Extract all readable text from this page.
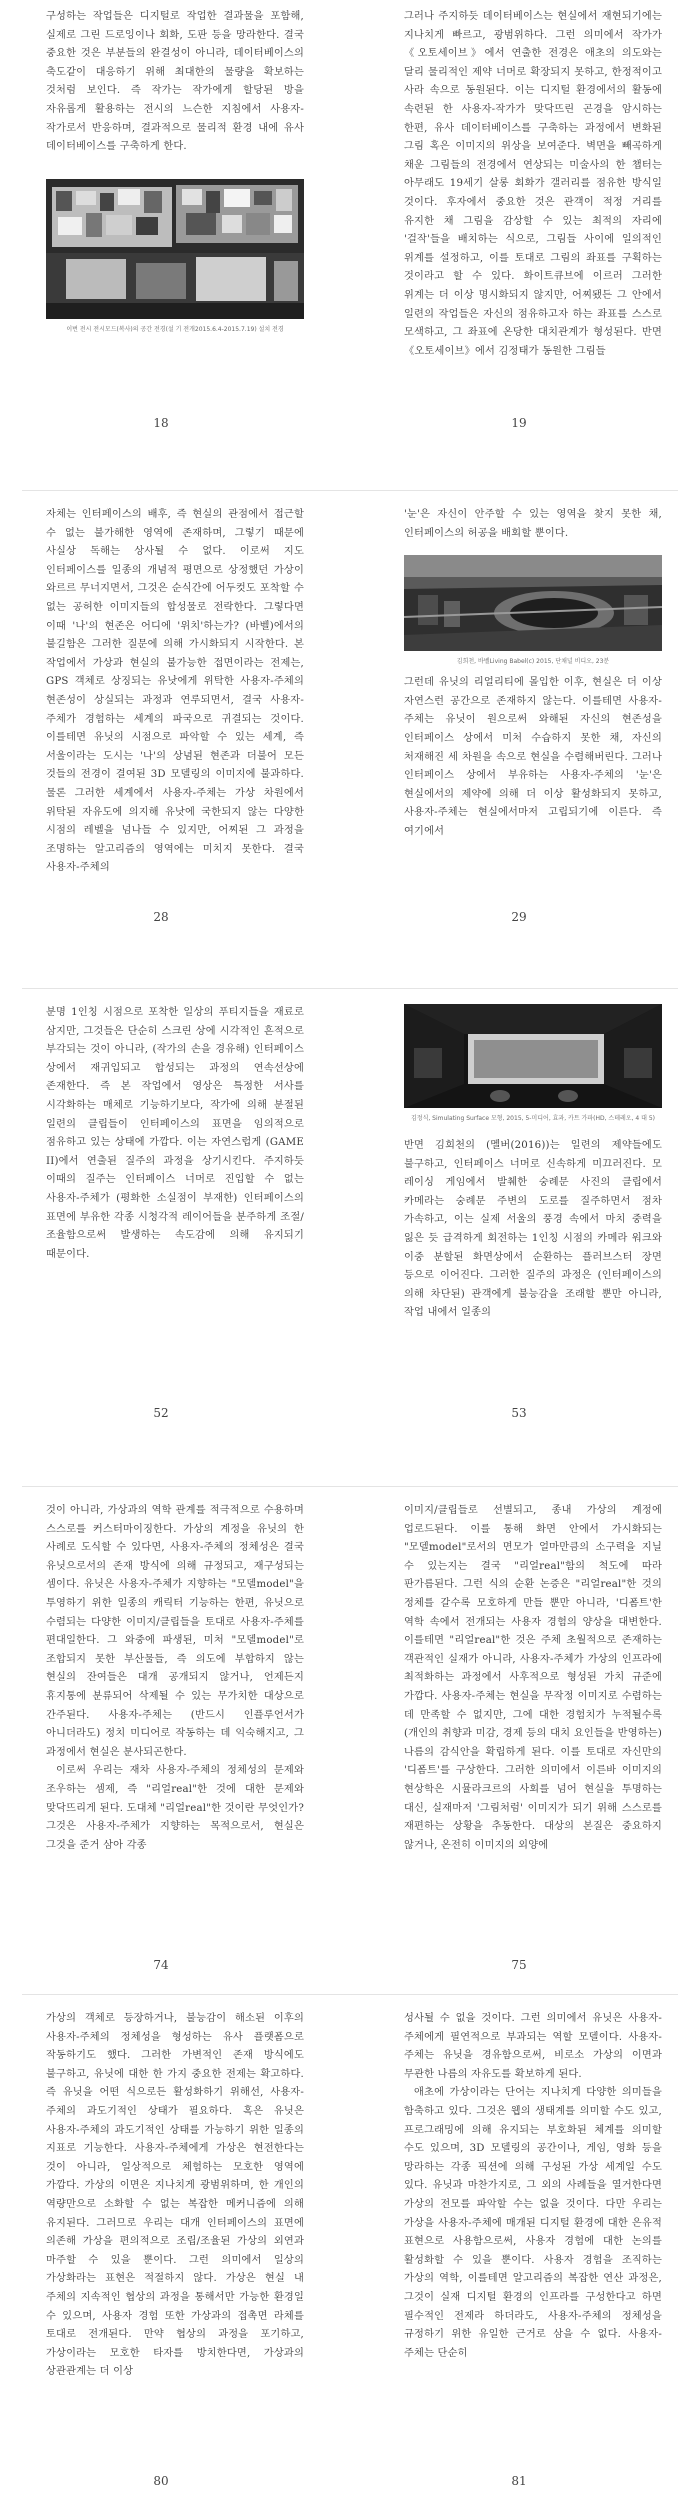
구성하는 작업들은 디지털로 작업한 결과물을 포함해, 실제로 그린 드로잉이나 회화, 도판 등을 망라한다. 결국 중요한 것은 부분들의 완결성이 아니라, 데이터베이스의 축도같이 대응하기 위해 최대한의 물량을 확보하는 것처럼 보인다. 즉 작가는 작가에게 할당된 방을 자유롭게 활용하는 전시의 느슨한 지침에서 사용자-작가로서 반응하며, 결과적으로 물리적 환경 내에 유사 데이터베이스를 구축하게 한다.

이번 전시 전시모드(복사)의 공간 전경(설 기 전개2015.6.4-2015.7.19) 설치 전경
18

그러나 주지하듯 데이터베이스는 현실에서 재현되기에는 지나치게 빠르고, 광범위하다. 그런 의미에서 작가가 《오토세이브》에서 연출한 전경은 애초의 의도와는 달리 물리적인 제약 너머로 확장되지 못하고, 한정적이고 사라 속으로 동원된다. 이는 디지털 환경에서의 활동에 속련된 한 사용자-작가가 맞닥뜨린 곤경을 암시하는 한편, 유사 데이터베이스를 구축하는 과정에서 변화된 그림 혹은 이미지의 위상을 보여준다. 벽면을 빼곡하게 채운 그림들의 전경에서 연상되는 미술사의 한 챕터는 아무래도 19세기 살롱 회화가 갤러리를 점유한 방식일 것이다. 후자에서 중요한 것은 관객이 적정 거리를 유지한 채 그림을 감상할 수 있는 최적의 자리에 '걸작'들을 배치하는 식으로, 그림들 사이에 일의적인 위계를 설정하고, 이를 토대로 그림의 좌표를 구획하는 것이라고 할 수 있다. 화이트큐브에 이르러 그러한 위계는 더 이상 명시화되지 않지만, 어찌됐든 그 안에서 일련의 작업들은 자신의 점유하고자 하는 좌표를 스스로 모색하고, 그 좌표에 온당한 대치관계가 형성된다. 반면 《오토세이브》에서 김정태가 동원한 그림들

19

자체는 인터페이스의 배후, 즉 현실의 관점에서 접근할 수 없는 불가해한 영역에 존재하며, 그렇기 때문에 사실상 독해는 상사될 수 없다. 이로써 지도 인터페이스를 일종의 개념적 평면으로 상정했던 가상이 와르르 무너지면서, 그것은 순식간에 어두컷도 포착할 수 없는 공허한 이미지들의 합성물로 전락한다. 그렇다면 이때 '나'의 현존은 어디에 '위치'하는가? (바벨)에서의 불길함은 그러한 질문에 의해 가시화되지 시작한다. 본 작업에서 가상과 현실의 불가능한 접면이라는 전제는, GPS 객체로 상징되는 유낫에게 위탁한 사용자-주체의 현존성이 상실되는 과정과 연루되면서, 결국 사용자-주체가 경험하는 세계의 파국으로 귀결되는 것이다. 이를테면 유닛의 시점으로 파악할 수 있는 세계, 즉 서울이라는 도시는 '나'의 상념된 현존과 더불어 모든 것들의 전경이 결여된 3D 모델링의 이미지에 불과하다. 물론 그러한 세계에서 사용자-주체는 가상 차원에서 위탁된 자유도에 의지해 유낫에 국한되지 않는 다양한 시점의 레벨을 넘나들 수 있지만, 어찌된 그 과정을 조명하는 알고리즘의 영역에는 미치지 못한다. 결국 사용자-주체의

28

'눈'은 자신이 안주할 수 있는 영역을 찾지 못한 채, 인터페이스의 허공을 배회할 뿐이다.

김희천, 바벨Living Babel(c) 2015, 단채널 비디오, 23분

그런데 유닛의 리얼리티에 몰입한 이후, 현실은 더 이상 자연스런 공간으로 존재하지 않는다. 이를테면 사용자-주체는 유닛이 원으로써 와해된 자신의 현존성을 인터페이스 상에서 미처 수습하지 못한 채, 자신의 처재해진 세 차원을 속으로 현실을 수렴해버린다. 그러나 인터페이스 상에서 부유하는 사용자-주체의 '눈'은 현실에서의 제약에 의해 더 이상 활성화되지 못하고, 사용자-주체는 현실에서마저 고립되기에 이른다. 즉 여기에서

29

분명 1인칭 시점으로 포착한 일상의 푸티지들을 재료로 삼지만, 그것들은 단순히 스크린 상에 시각적인 흔적으로 부각되는 것이 아니라, (작가의 손을 경유해) 인터페이스 상에서 재귀입되고 합성되는 과정의 연속선상에 존재한다. 즉 본 작업에서 영상은 특정한 서사를 시각화하는 매체로 기능하기보다, 작가에 의해 분절된 일련의 클립들이 인터페이스의 표면을 임의적으로 점유하고 있는 상태에 가깝다. 이는 자연스럽게 (GAME II)에서 연출된 질주의 과정을 상기시킨다. 주지하듯 이때의 질주는 인터페이스 너머로 진입할 수 없는 사용자-주체가 (평화한 소실점이 부재한) 인터페이스의 표면에 부유한 각종 시청각적 레이어들을 분주하게 조절/조율함으로써 발생하는 속도감에 의해 유지되기 때문이다.

52
김정식, Simulating Surface 모형, 2015, 5-미디어, 효과, 카트 가파(HD, 스테레오, 4 대 5)

반면 김희천의 (멜버(2016))는 일련의 제약들에도 불구하고, 인터페이스 너머로 신속하게 미끄러진다. 모 레이싱 게임에서 발췌한 숭례문 사진의 클립에서 카메라는 숭례문 주변의 도로를 질주하면서 점차 가속하고, 이는 실제 서울의 풍경 속에서 마치 중력을 잃은 듯 급격하게 회전하는 1인칭 시점의 카메라 워크와 이중 분할된 화면상에서 순환하는 플러브스터 장면 등으로 이어진다. 그러한 질주의 과정은 (인터페이스의 의해 차단된) 관객에게 불능감을 조래할 뿐만 아니라, 작업 내에서 일종의

53

것이 아니라, 가상과의 역학 관계를 적극적으로 수용하며 스스로를 커스터마이징한다. 가상의 계정을 유닛의 한 사례로 도식할 수 있다면, 사용자-주체의 정체성은 결국 유닛으로서의 존재 방식에 의해 규정되고, 재구성되는 셈이다. 유닛은 사용자-주체가 지향하는 "모델model"을 투영하기 위한 일종의 캐릭터 기능하는 한편, 유닛으로 수렴되는 다양한 이미지/클립들을 토대로 사용자-주체를 편대일한다. 그 와중에 파생된, 미처 "모델model"로 조합되지 못한 부산물들, 즉 의도에 부합하지 않는 현실의 잔여들은 대개 공개되지 않거나, 언제든지 휴지통에 분류되어 삭제될 수 있는 무가치한 대상으로 간주된다. 사용자-주체는 (반드시 인플루언서가 아니더라도) 정치 미디어로 작동하는 데 익숙해지고, 그 과정에서 현실은 분사되곤한다.

이로써 우리는 재차 사용자-주체의 정체성의 문제와 조우하는 셈제, 즉 "리얼real"한 것에 대한 문제와 맞닥뜨리게 된다. 도대체 "리얼real"한 것이란 무엇인가? 그것은 사용자-주체가 지향하는 목적으로서, 현실은 그것을 준거 삼아 각종

74

이미지/클립들로 선별되고, 종내 가상의 계정에 업로드된다. 이를 통해 화면 안에서 가시화되는 "모델model"로서의 면모가 얼마만큼의 소구력을 지닐 수 있는지는 결국 "리얼real"함의 척도에 따라 판가름된다. 그런 식의 순환 논증은 "리얼real"한 것의 정체를 갈수록 모호하게 만들 뿐만 아니라, '디폼트'한 역학 속에서 전개되는 사용자 경험의 양상을 대변한다. 이를테면 "리얼real"한 것은 주체 초월적으로 존재하는 객관적인 실재가 아니라, 사용자-주체가 가상의 인프라에 최적화하는 과정에서 사후적으로 형성된 가치 규준에 가깝다. 사용자-주체는 현실을 무작정 이미지로 수렴하는 데 만족할 수 없지만, 그에 대한 경험치가 누적될수록 (개인의 취향과 미감, 경제 등의 대치 요인들을 반영하는) 나름의 감식안을 확립하게 된다. 이를 토대로 자신만의 '디폼트'를 구상한다. 그러한 의미에서 이른바 이미지의 현상학은 시뮬라크르의 사회를 넘어 현실을 투명하는 대신, 실재마저 '그림처럼' 이미지가 되기 위해 스스로를 재편하는 상황을 추동한다. 대상의 본질은 중요하지 않거나, 온전히 이미지의 외양에

75

가상의 객체로 등장하거나, 불능감이 해소된 이후의 사용자-주체의 정체성을 형성하는 유사 플랫폼으로 작동하기도 했다. 그러한 가변적인 존재 방식에도 불구하고, 유닛에 대한 한 가지 중요한 전제는 확고하다. 즉 유닛을 어떤 식으로든 활성화하기 위해선, 사용자-주체의 과도기적인 상태가 필요하다. 혹은 유닛은 사용자-주체의 과도기적인 상태를 가능하기 위한 일종의 지표로 기능한다. 사용자-주체에게 가상은 현전한다는 것이 아니라, 일상적으로 체험하는 모호한 영역에 가깝다. 가상의 이면은 지나치게 광범위하며, 한 개인의 역량만으로 소화할 수 없는 복잡한 메커니즘에 의해 유지된다. 그러므로 우리는 대개 인터페이스의 표면에 의존해 가상을 편의적으로 조립/조율된 가상의 외연과 마주할 수 있을 뿐이다. 그런 의미에서 일상의 가상화라는 표현은 적절하지 않다. 가상은 현실 내 주체의 지속적인 협상의 과정을 통해서만 가능한 환경일 수 있으며, 사용자 경험 또한 가상과의 접촉면 라체를 토대로 전개된다. 만약 협상의 과정을 포기하고, 가상이라는 모호한 타자를 방치한다면, 가상과의 상관관계는 더 이상

80

성사될 수 없을 것이다. 그런 의미에서 유닛은 사용자-주체에게 필연적으로 부과되는 역할 모델이다. 사용자-주체는 유닛을 경유함으로써, 비로소 가상의 이면과 무관한 나름의 자유도를 확보하게 된다.

애초에 가상이라는 단어는 지나치게 다양한 의미들을 함축하고 있다. 그것은 웹의 생태계를 의미할 수도 있고, 프로그래밍에 의해 유지되는 부호화된 체계를 의미할 수도 있으며, 3D 모델링의 공간이나, 게임, 영화 등을 망라하는 각종 픽션에 의해 구성된 가상 세계일 수도 있다. 유닛과 마찬가지로, 그 외의 사례들을 열거한다면 가상의 전모를 파악할 수는 없을 것이다. 다만 우리는 가상을 사용자-주체에 매개된 디지털 환경에 대한 은유적 표현으로 사용함으로써, 사용자 경험에 대한 논의를 활성화할 수 있을 뿐이다. 사용자 경험을 조직하는 가상의 역학, 이를테면 알고리즘의 복잡한 연산 과정은, 그것이 실재 디지털 환경의 인프라를 구성한다고 하면 필수적인 전제라 하더라도, 사용자-주체의 정체성을 규정하기 위한 유일한 근거로 삼을 수 없다. 사용자-주체는 단순히

81
